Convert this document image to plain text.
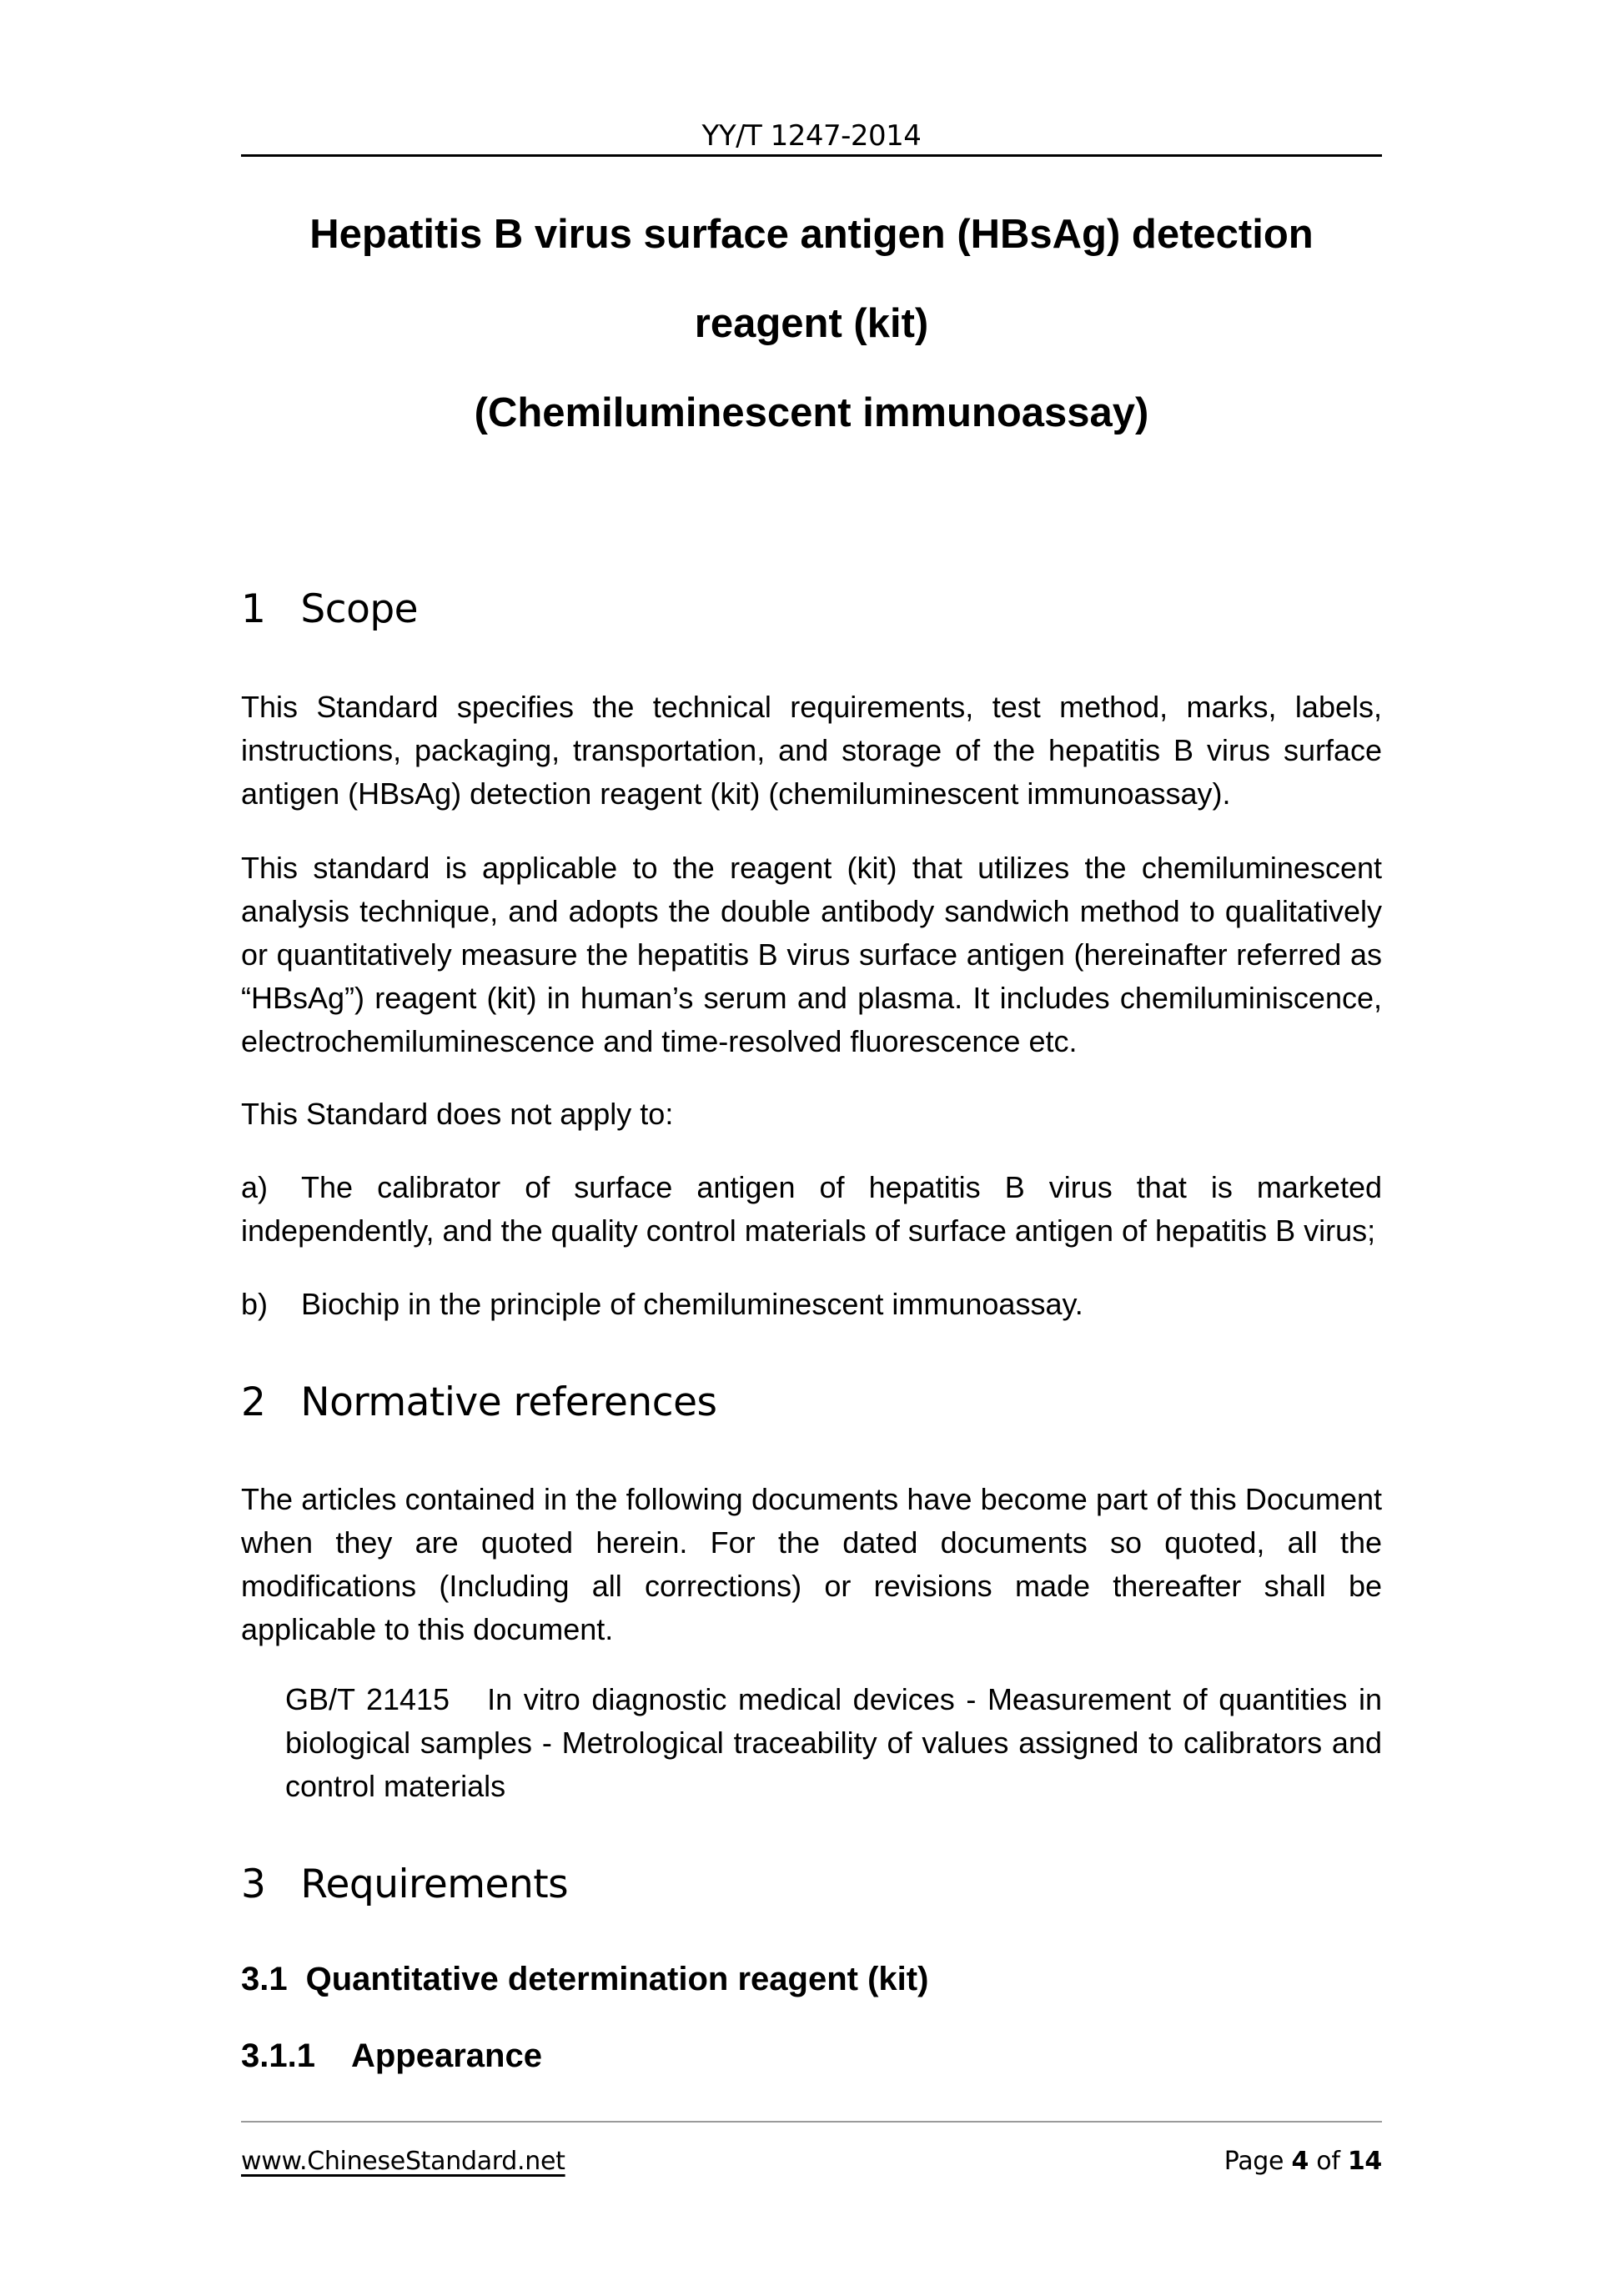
YY/T 1247-2014
Hepatitis B virus surface antigen (HBsAg) detection
reagent (kit)
(Chemiluminescent immunoassay)
1 Scope

This Standard specifies the technical requirements, test method, marks, labels, instructions, packaging, transportation, and storage of the hepatitis B virus surface antigen (HBsAg) detection reagent (kit) (chemiluminescent immunoassay).

This standard is applicable to the reagent (kit) that utilizes the chemiluminescent analysis technique, and adopts the double antibody sandwich method to qualitatively or quantitatively measure the hepatitis B virus surface antigen (hereinafter referred as “HBsAg”) reagent (kit) in human’s serum and plasma. It includes chemiluminiscence, electrochemiluminescence and time-resolved fluorescence etc.

This Standard does not apply to:

a) The calibrator of surface antigen of hepatitis B virus that is marketed independently, and the quality control materials of surface antigen of hepatitis B virus;

b) Biochip in the principle of chemiluminescent immunoassay.

2 Normative references

The articles contained in the following documents have become part of this Document when they are quoted herein. For the dated documents so quoted, all the modifications (Including all corrections) or revisions made thereafter shall be applicable to this document.

GB/T 21415 In vitro diagnostic medical devices - Measurement of quantities in biological samples - Metrological traceability of values assigned to calibrators and control materials

3 Requirements
3.1 Quantitative determination reagent (kit)
3.1.1 Appearance
www.ChineseStandard.net	Page 4 of 14
